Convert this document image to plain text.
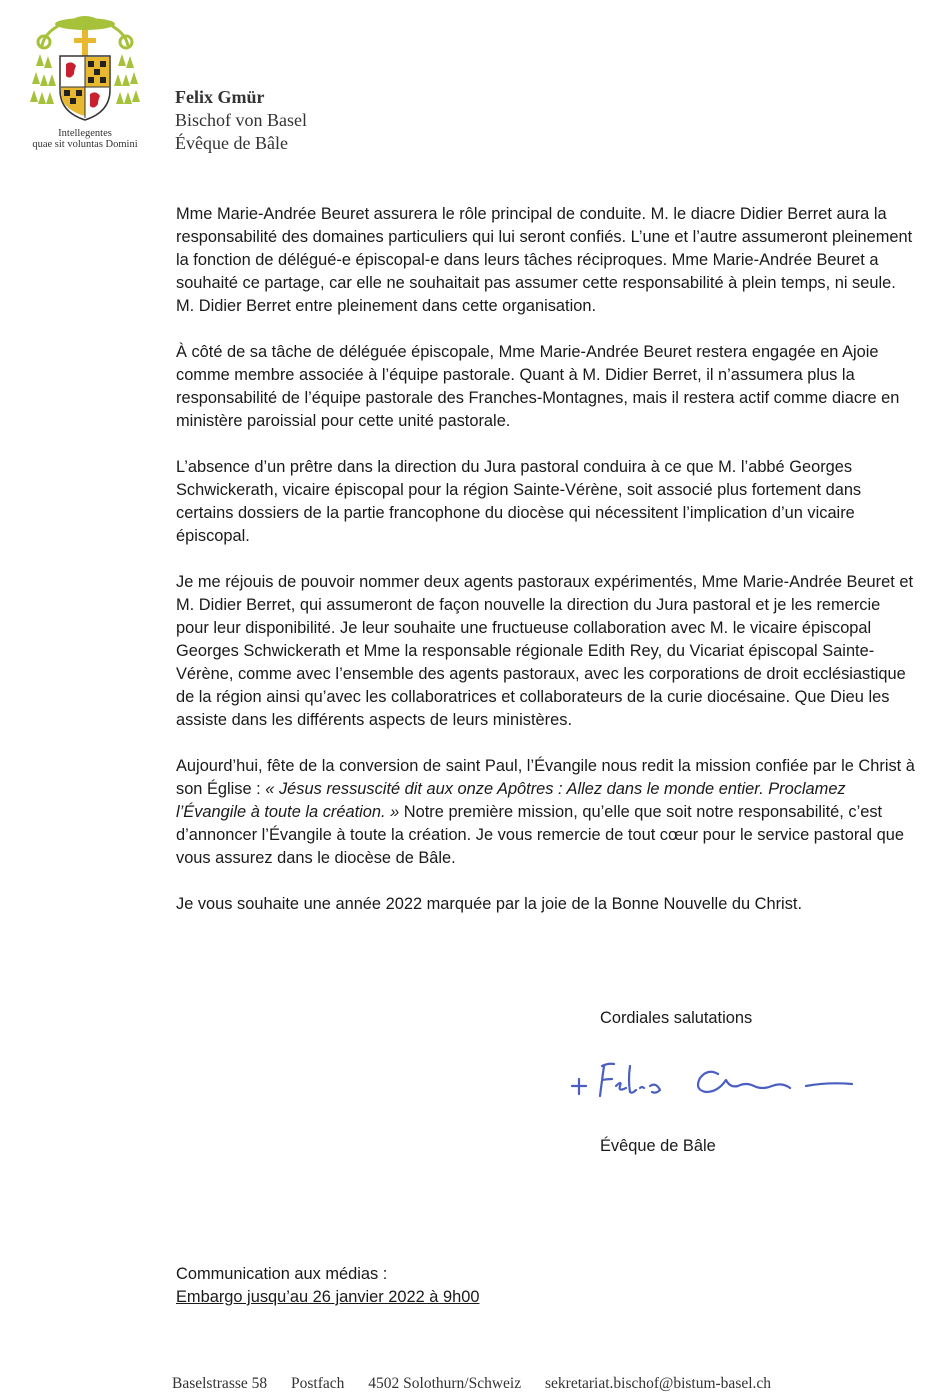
Intellegentes
quae sit voluntas Domini
Felix Gmür
Bischof von Basel
Évêque de Bâle

Mme Marie-Andrée Beuret assurera le rôle principal de conduite. M. le diacre Didier Berret aura la responsabilité des domaines particuliers qui lui seront confiés. L’une et l’autre assumeront pleinement la fonction de délégué-e épiscopal-e dans leurs tâches réciproques. Mme Marie-Andrée Beuret a souhaité ce partage, car elle ne souhaitait pas assumer cette responsabilité à plein temps, ni seule. M. Didier Berret entre pleinement dans cette organisation.

À côté de sa tâche de déléguée épiscopale, Mme Marie-Andrée Beuret restera engagée en Ajoie comme membre associée à l’équipe pastorale. Quant à M. Didier Berret, il n’assumera plus la responsabilité de l’équipe pastorale des Franches-Montagnes, mais il restera actif comme diacre en ministère paroissial pour cette unité pastorale.

L’absence d’un prêtre dans la direction du Jura pastoral conduira à ce que M. l’abbé Georges Schwickerath, vicaire épiscopal pour la région Sainte-Vérène, soit associé plus fortement dans certains dossiers de la partie francophone du diocèse qui nécessitent l’implication d’un vicaire épiscopal.

Je me réjouis de pouvoir nommer deux agents pastoraux expérimentés, Mme Marie-Andrée Beuret et M. Didier Berret, qui assumeront de façon nouvelle la direction du Jura pastoral et je les remercie pour leur disponibilité. Je leur souhaite une fructueuse collaboration avec M. le vicaire épiscopal Georges Schwickerath et Mme la responsable régionale Edith Rey, du Vicariat épiscopal Sainte-Vérène, comme avec l’ensemble des agents pastoraux, avec les corporations de droit ecclésiastique de la région ainsi qu’avec les collaboratrices et collaborateurs de la curie diocésaine. Que Dieu les assiste dans les différents aspects de leurs ministères.

Aujourd’hui, fête de la conversion de saint Paul, l’Évangile nous redit la mission confiée par le Christ à son Église : « Jésus ressuscité dit aux onze Apôtres : Allez dans le monde entier. Proclamez l’Évangile à toute la création. » Notre première mission, qu’elle que soit notre responsabilité, c’est d’annoncer l’Évangile à toute la création. Je vous remercie de tout cœur pour le service pastoral que vous assurez dans le diocèse de Bâle.

Je vous souhaite une année 2022 marquée par la joie de la Bonne Nouvelle du Christ.

Cordiales salutations
Évêque de Bâle
Communication aux médias :
Embargo jusqu’au 26 janvier 2022 à 9h00
Baselstrasse 58 Postfach 4502 Solothurn/Schweiz sekretariat.bischof@bistum-basel.ch
